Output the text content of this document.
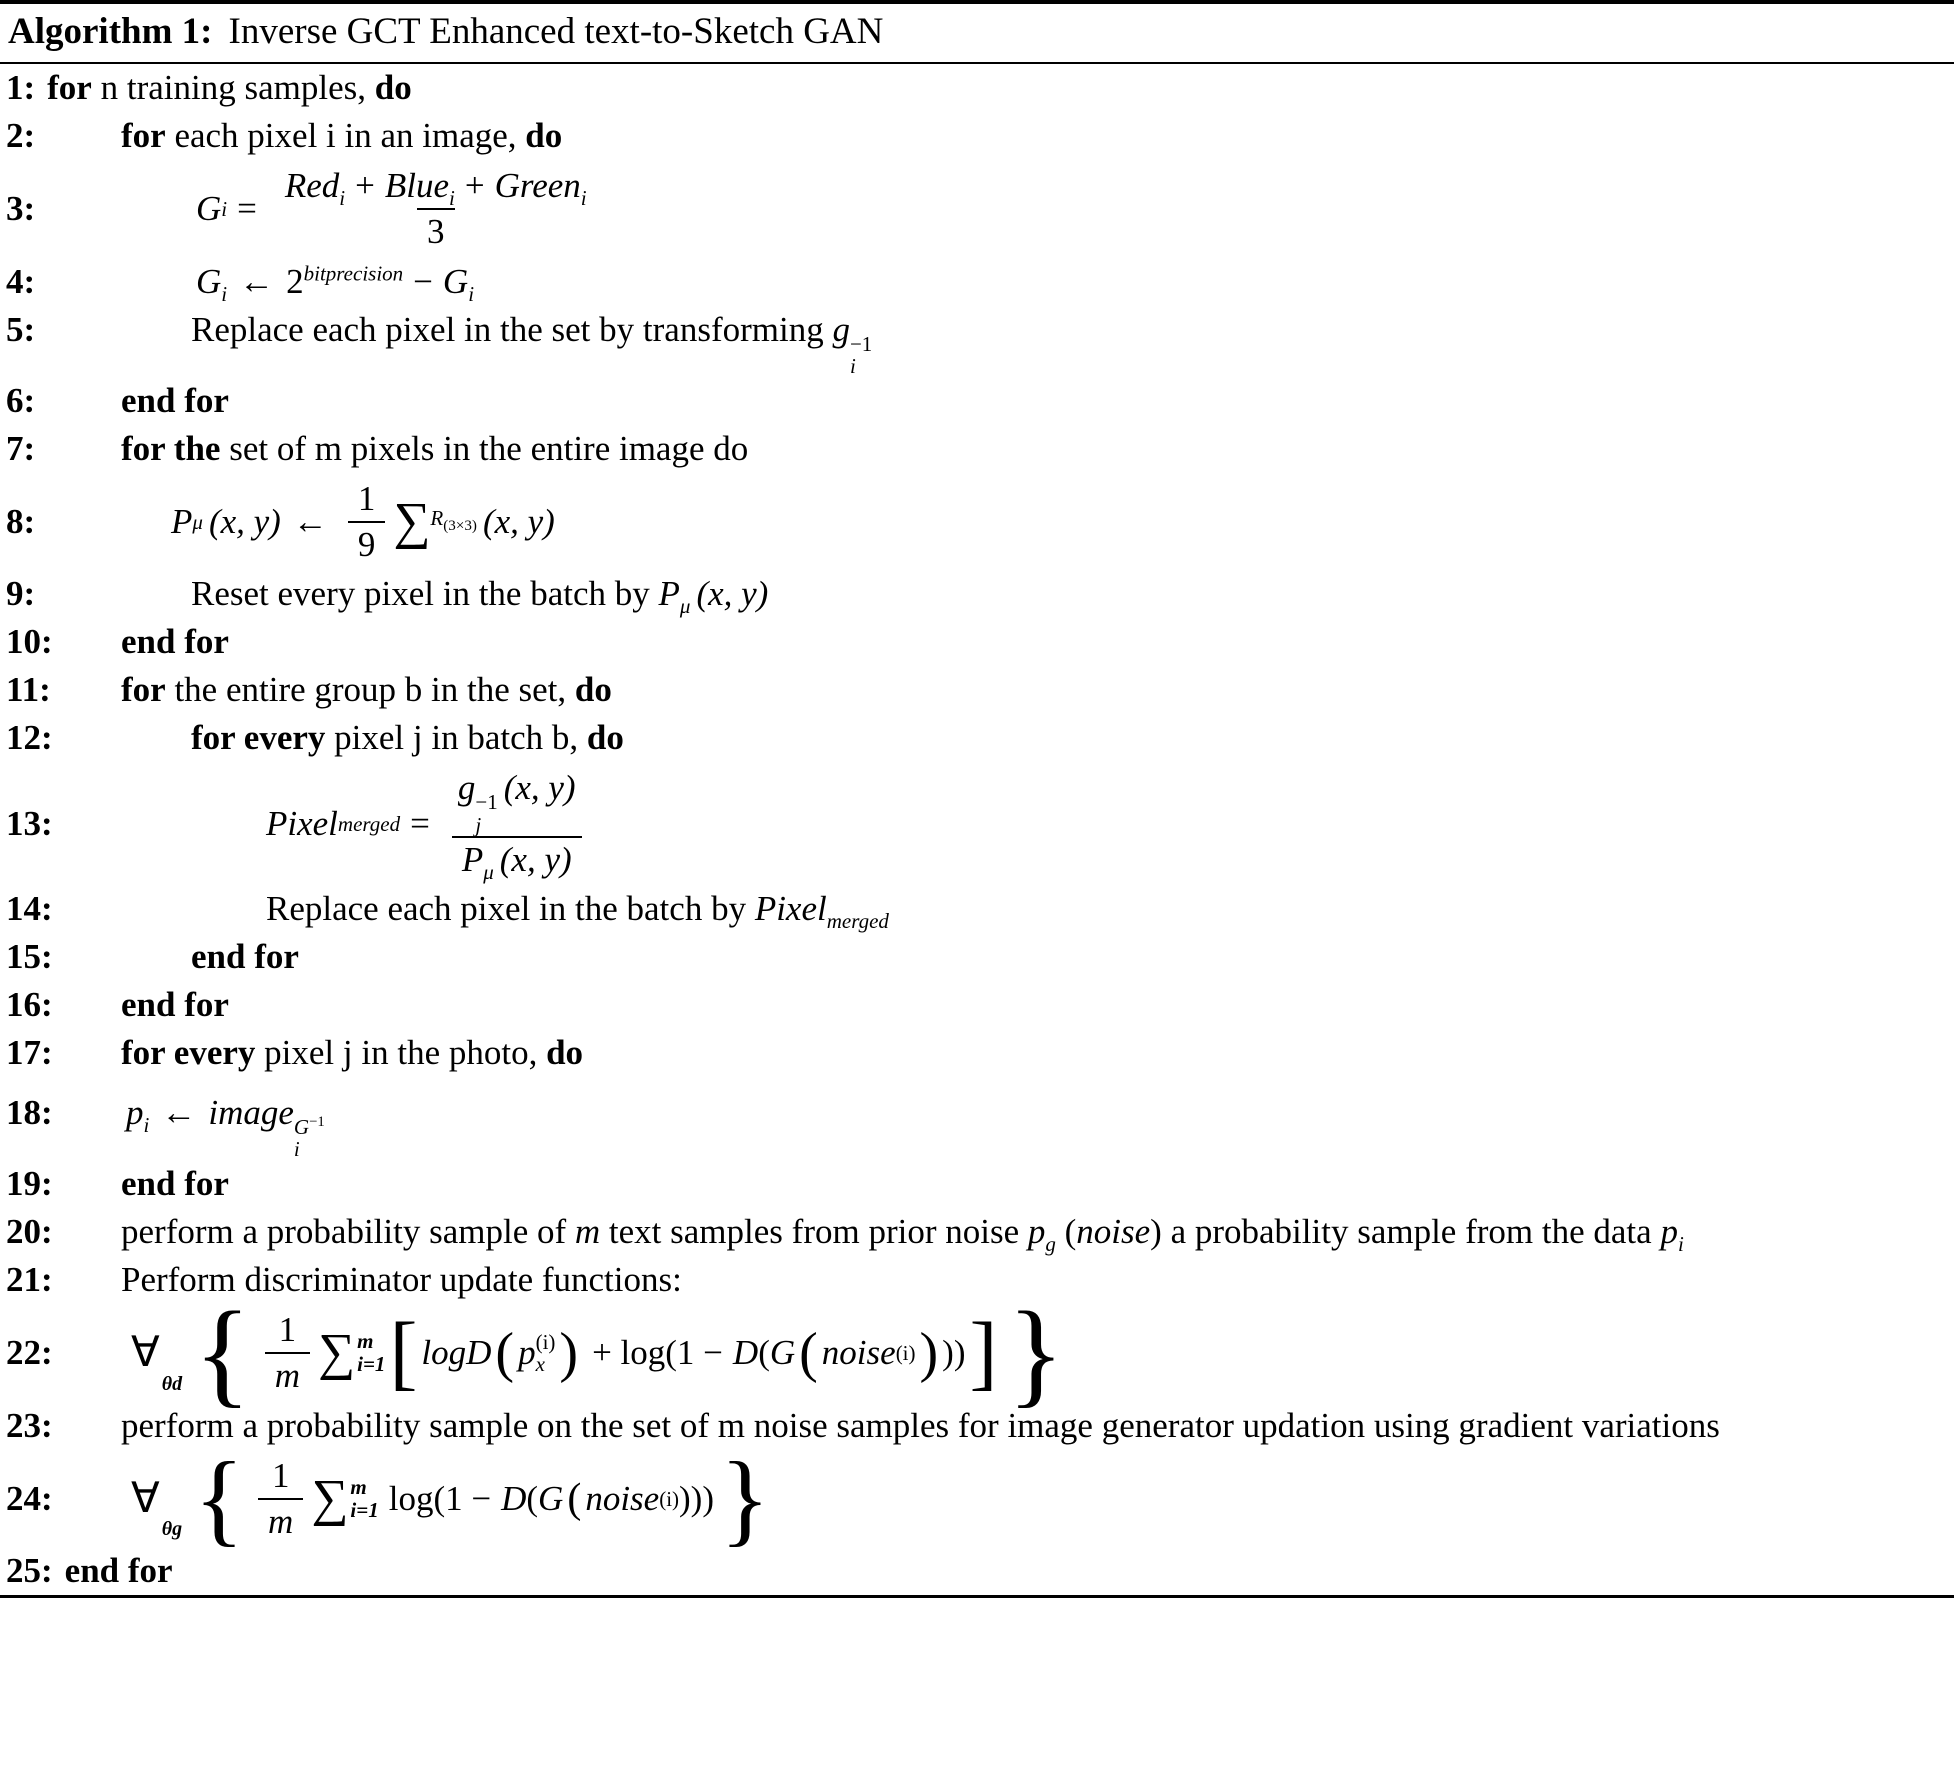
Algorithm 1: Inverse GCT Enhanced text-to-Sketch GAN
1: for n training samples, do
2: for each pixel i in an image, do
3:	G $i = \frac{Red_i + Blue_i + Green_i}{3}$
4:	$G_i$ ← $2^{bitprecision} - G_i$
5:	Replace each pixel in the set by transforming g −1
i
6: end for
7: for the set of m pixels in the entire image do
8:	P μ (x, y) ← $\frac{1}{9}$ ∑ $R_{(3\times 3)}$ (x, y)
9:	Reset every pixel in the batch by $P_\mu$ (x, y)
10: end for
11: for the entire group b in the set, do
12:	for every pixel j in batch b, do
13:	Pixel merged = g −1
j
(x, y)
$P_\mu$ (x, y)
14:	Replace each pixel in the batch by Pixel$_{merged}$
15:	end for
16: end for
17: for every pixel j in the photo, do
18: $p_i$ ← image $G^{-1}$
i
19: end for
20: perform a probability sample of m text samples from prior noise $p_g$ (noise) a probability sample from the data $p_i$
21: Perform discriminator update functions:
22:	∀
θd { $\frac{1}{m}$ ∑ m
i=1 [ logD ( p (i)
x ) + log(1 − D ( G ( noise (i) ) )) ] }
23: perform a probability sample on the set of m noise samples for image generator updation using gradient variations
24:	∀
θg { $\frac{1}{m}$ ∑ m
i=1 log(1 − D ( G ( noise (i) ))) }
25: end for
